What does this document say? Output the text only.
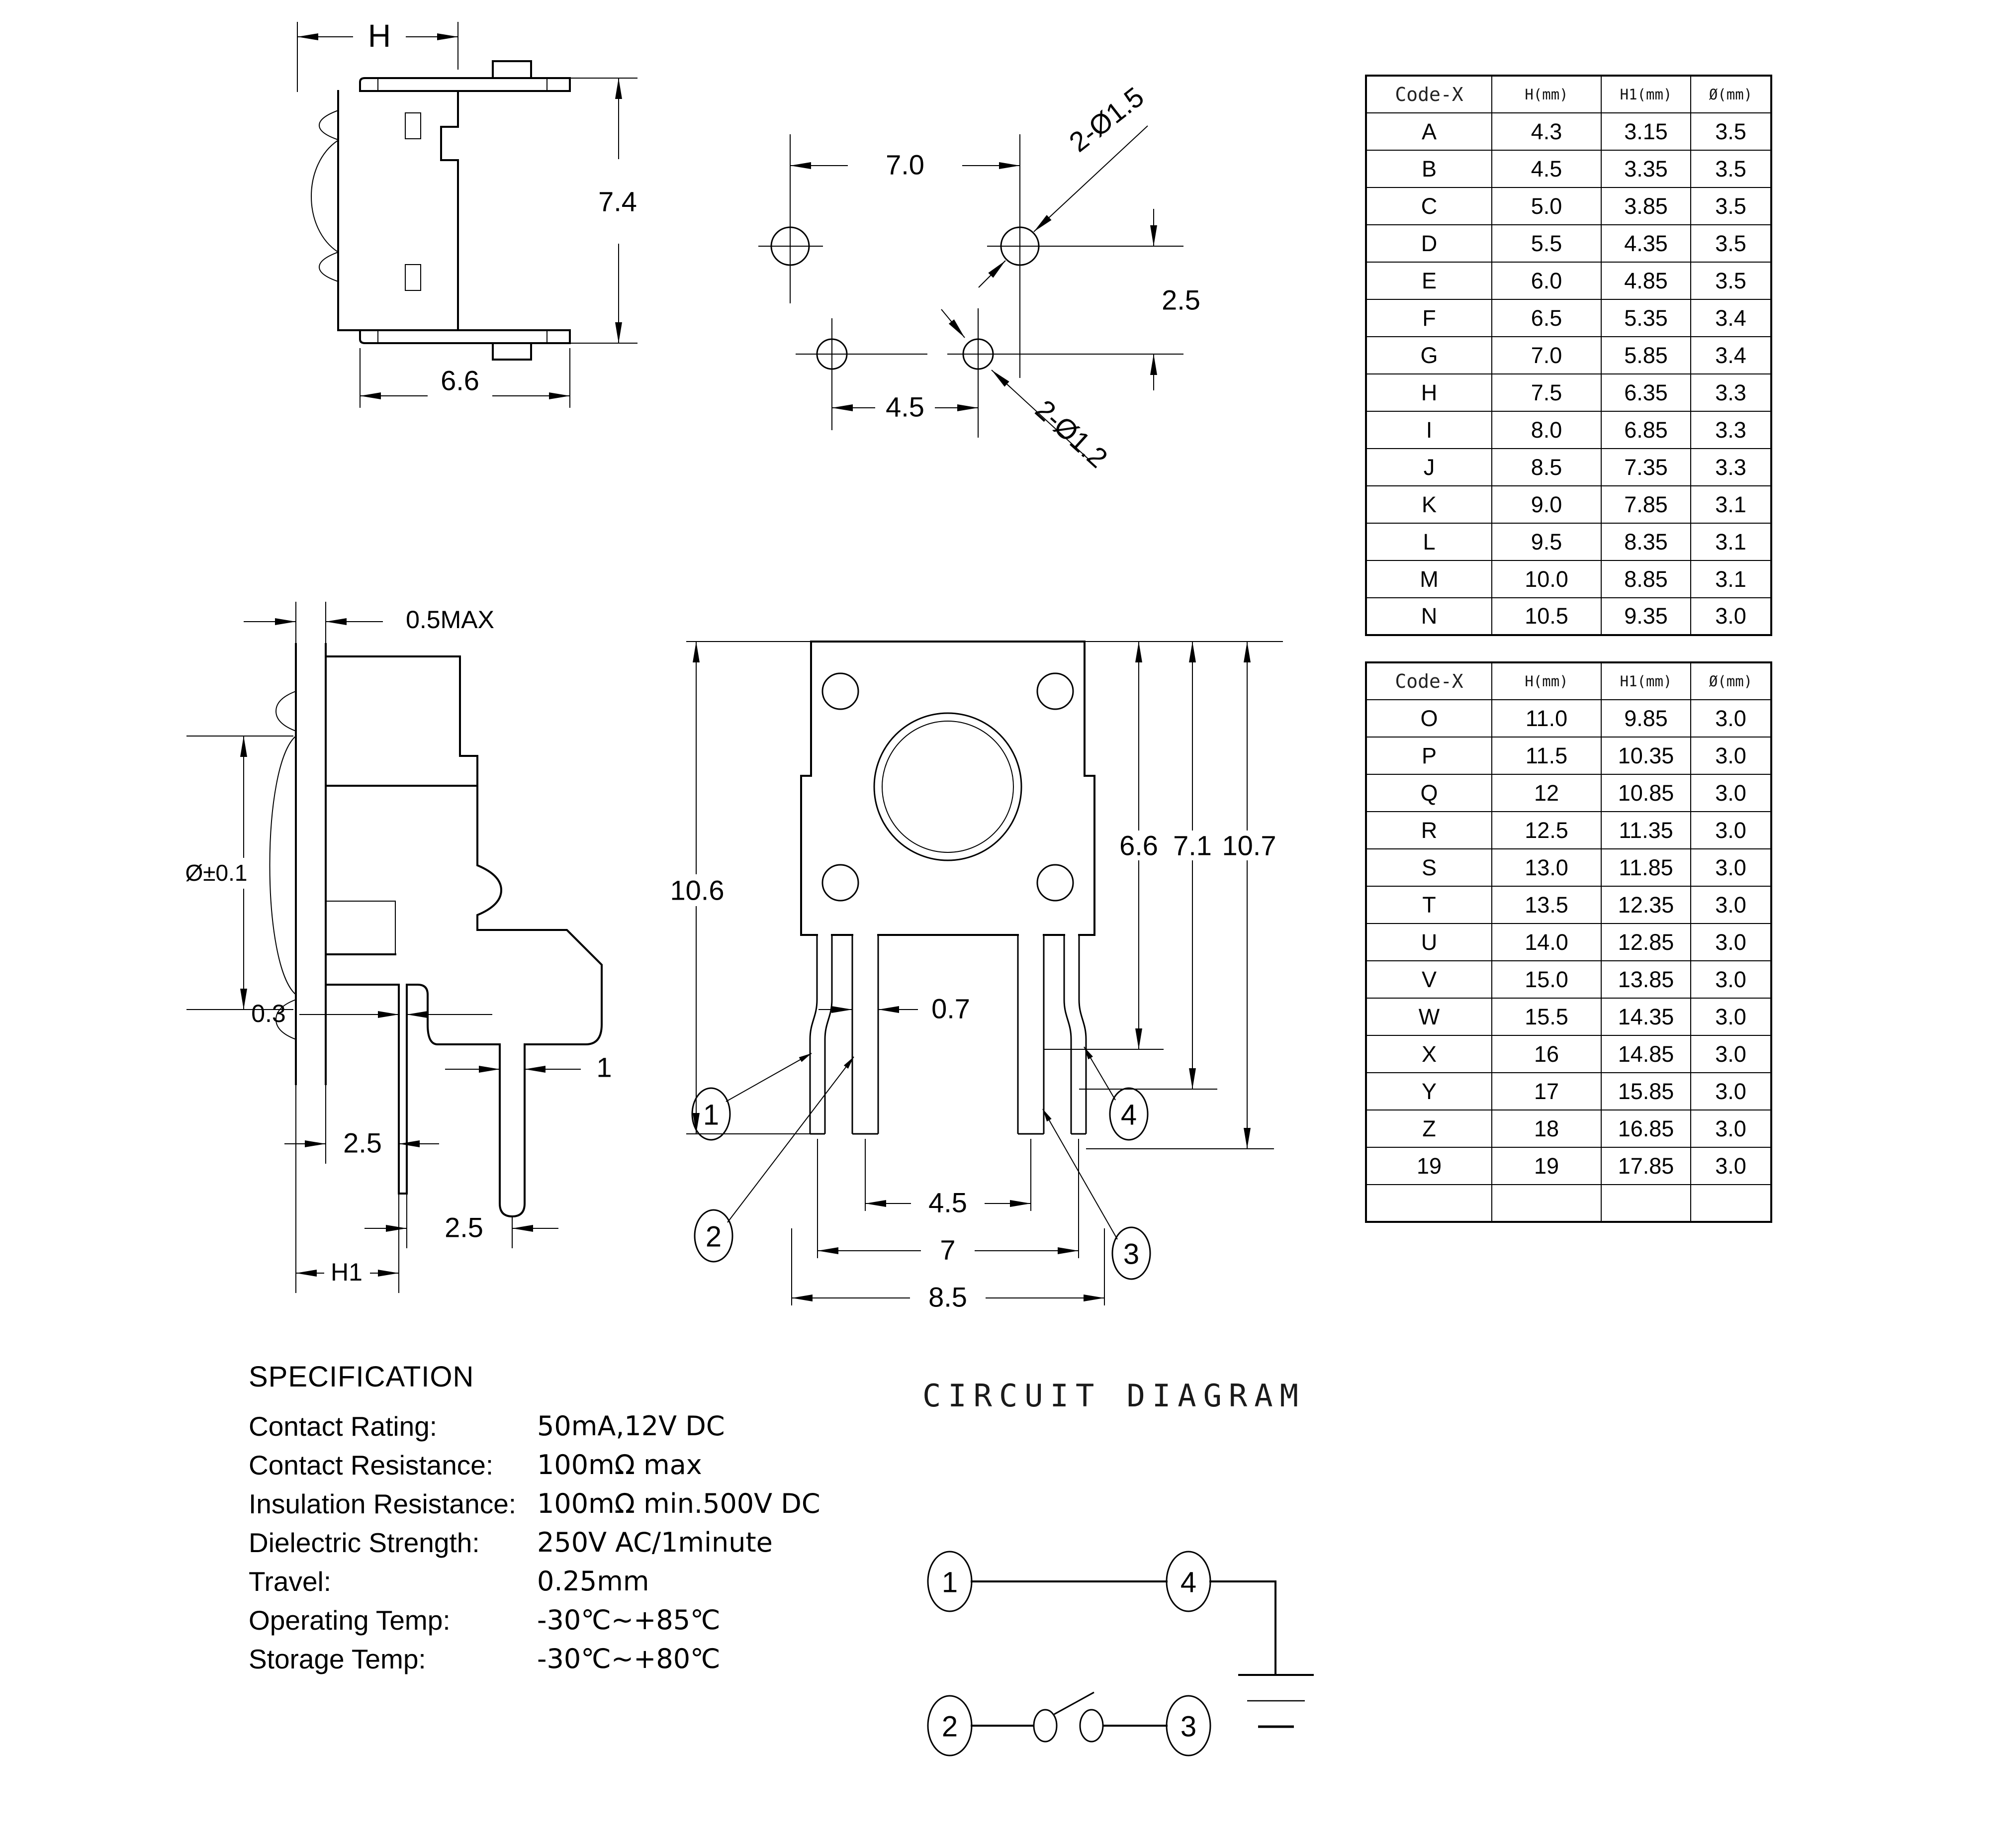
H
7.4
6.6
7.0
2.5
4.5
2-Ø1.5
2-Ø1.2
Code-X	H(mm)	H1(mm)	Ø(mm)
A	4.3	3.15	3.5
B	4.5	3.35	3.5
C	5.0	3.85	3.5
D	5.5	4.35	3.5
E	6.0	4.85	3.5
F	6.5	5.35	3.4
G	7.0	5.85	3.4
H	7.5	6.35	3.3
I	8.0	6.85	3.3
J	8.5	7.35	3.3
K	9.0	7.85	3.1
L	9.5	8.35	3.1
M	10.0	8.85	3.1
N	10.5	9.35	3.0
Code-X	H(mm)	H1(mm)	Ø(mm)
O	11.0	9.85	3.0
P	11.5	10.35	3.0
Q	12	10.85	3.0
R	12.5	11.35	3.0
S	13.0	11.85	3.0
T	13.5	12.35	3.0
U	14.0	12.85	3.0
V	15.0	13.85	3.0
W	15.5	14.35	3.0
X	16	14.85	3.0
Y	17	15.85	3.0
Z	18	16.85	3.0
19	19	17.85	3.0

0.5MAX
Ø±0.1
0.3
1
2.5
2.5
H1
10.6
0.7
6.6 7.1 10.7
1
2
3
4
4.5
7
8.5
SPECIFICATION
Contact Rating:	50mA,12V DC
Contact Resistance: 100mΩ max
Insulation Resistance: 100mΩ min.500V DC
Dielectric Strength: 250V AC/1minute
Travel:	0.25mm
Operating Temp:	-30℃~+85℃
Storage Temp:	-30℃~+80℃
CIRCUIT DIAGRAM
1	4
2	3
